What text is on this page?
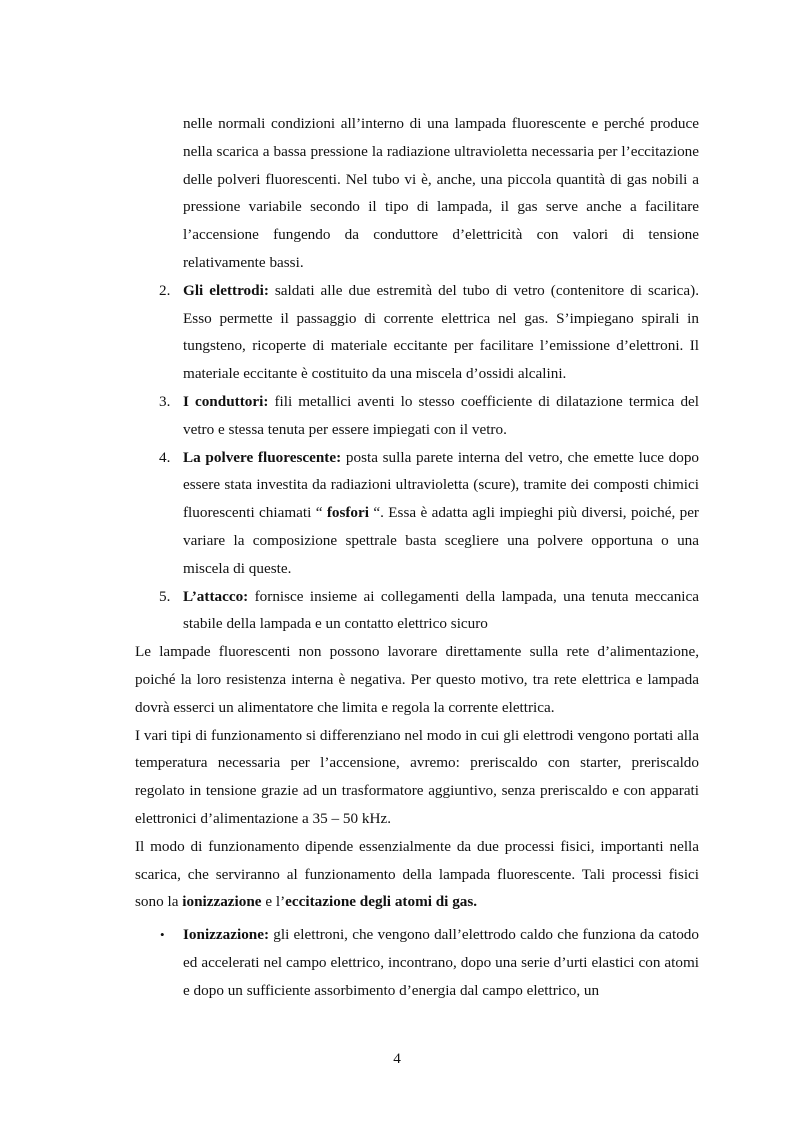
nelle normali condizioni all’interno di una lampada fluorescente e perché produce nella scarica a bassa pressione la radiazione ultravioletta necessaria per l’eccitazione delle polveri fluorescenti. Nel tubo vi è, anche, una piccola quantità di gas nobili a pressione variabile secondo il tipo di lampada, il gas serve anche a facilitare l’accensione fungendo da conduttore d’elettricità con valori di tensione relativamente bassi.

2. Gli elettrodi: saldati alle due estremità del tubo di vetro (contenitore di scarica). Esso permette il passaggio di corrente elettrica nel gas. S’impiegano spirali in tungsteno, ricoperte di materiale eccitante per facilitare l’emissione d’elettroni. Il materiale eccitante è costituito da una miscela d’ossidi alcalini.
3. I conduttori: fili metallici aventi lo stesso coefficiente di dilatazione termica del vetro e stessa tenuta per essere impiegati con il vetro.
4. La polvere fluorescente: posta sulla parete interna del vetro, che emette luce dopo essere stata investita da radiazioni ultravioletta (scure), tramite dei composti chimici fluorescenti chiamati “ fosfori “. Essa è adatta agli impieghi più diversi, poiché, per variare la composizione spettrale basta scegliere una polvere opportuna o una miscela di queste.
5. L’attacco: fornisce insieme ai collegamenti della lampada, una tenuta meccanica stabile della lampada e un contatto elettrico sicuro

Le lampade fluorescenti non possono lavorare direttamente sulla rete d’alimentazione, poiché la loro resistenza interna è negativa. Per questo motivo, tra rete elettrica e lampada dovrà esserci un alimentatore che limita e regola la corrente elettrica.

I vari tipi di funzionamento si differenziano nel modo in cui gli elettrodi vengono portati alla temperatura necessaria per l’accensione, avremo: preriscaldo con starter, preriscaldo regolato in tensione grazie ad un trasformatore aggiuntivo, senza preriscaldo e con apparati elettronici d’alimentazione a 35 – 50 kHz.

Il modo di funzionamento dipende essenzialmente da due processi fisici, importanti nella scarica, che serviranno al funzionamento della lampada fluorescente. Tali processi fisici sono la ionizzazione e l’eccitazione degli atomi di gas.

• Ionizzazione: gli elettroni, che vengono dall’elettrodo caldo che funziona da catodo ed accelerati nel campo elettrico, incontrano, dopo una serie d’urti elastici con atomi e dopo un sufficiente assorbimento d’energia dal campo elettrico, un
4
